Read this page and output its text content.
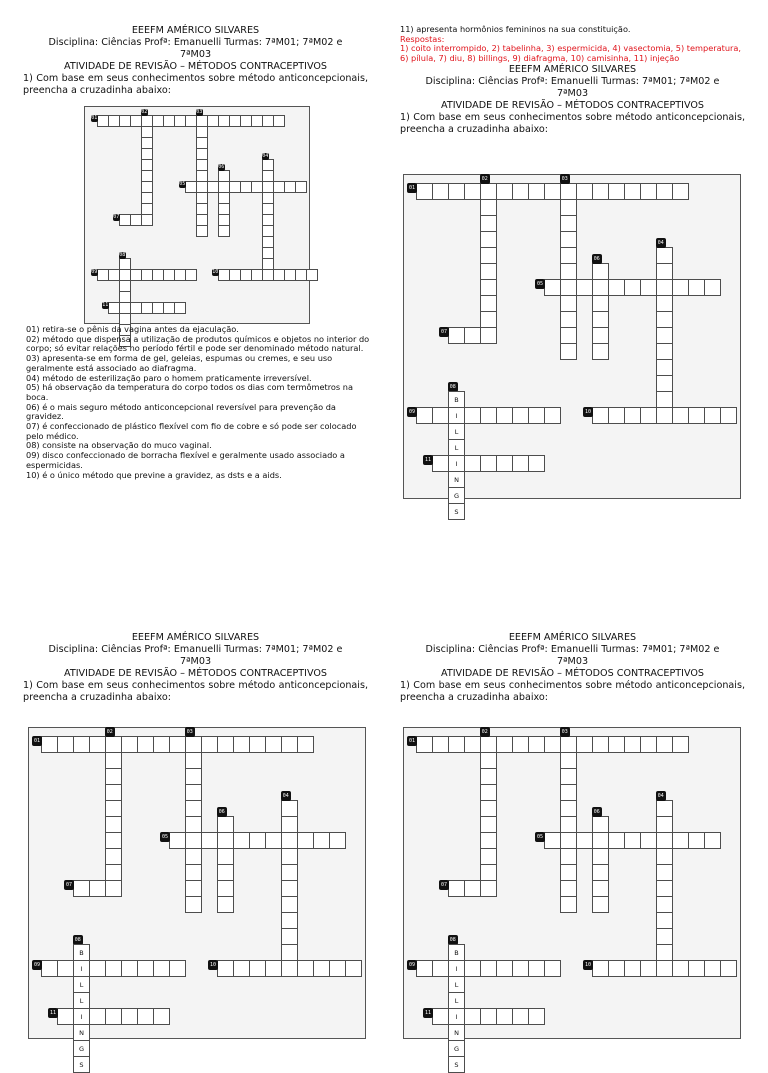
EEEFM AMÉRICO SILVARES
Disciplina: Ciências Profª: Emanuelli Turmas: 7ªM01; 7ªM02 e
7ªM03
ATIVIDADE DE REVISÃO – MÉTODOS CONTRACEPTIVOS
1) Com base em seus conhecimentos sobre método anticoncepcionais, preencha a cruzadinha abaixo:
01
02	03
04
05
06
07
08
09	10
11
01) retira-se o pênis da vagina antes da ejaculação.
02) método que dispensa a utilização de produtos químicos e objetos no interior do corpo; só evitar relações no período fértil e pode ser denominado método natural.
03) apresenta-se em forma de gel, geleias, espumas ou cremes, e seu uso geralmente está associado ao diafragma.
04) método de esterilização paro o homem praticamente irreversível.
05) há observação da temperatura do corpo todos os dias com termômetros na boca.
06) é o mais seguro método anticoncepcional reversível para prevenção da gravidez.
07) é confeccionado de plástico flexível com fio de cobre e só pode ser colocado pelo médico.
08) consiste na observação do muco vaginal.
09) disco confeccionado de borracha flexível e geralmente usado associado a espermicidas.
10) é o único método que previne a gravidez, as dsts e a aids.
11) apresenta hormônios femininos na sua constituição.
Respostas:
1) coito interrompido, 2) tabelinha, 3) espermicida, 4) vasectomia, 5) temperatura, 6) pílula, 7) diu, 8) billings, 9) diafragma, 10) camisinha, 11) injeção
EEEFM AMÉRICO SILVARES
Disciplina: Ciências Profª: Emanuelli Turmas: 7ªM01; 7ªM02 e
7ªM03
ATIVIDADE DE REVISÃO – MÉTODOS CONTRACEPTIVOS
1) Com base em seus conhecimentos sobre método anticoncepcionais, preencha a cruzadinha abaixo:
01
02	03
04
05
06
07
08
09	10
11
B
I
L
L
I
N
G
S
EEEFM AMÉRICO SILVARES
Disciplina: Ciências Profª: Emanuelli Turmas: 7ªM01; 7ªM02 e
7ªM03
ATIVIDADE DE REVISÃO – MÉTODOS CONTRACEPTIVOS
1) Com base em seus conhecimentos sobre método anticoncepcionais, preencha a cruzadinha abaixo:
01
02	03
04
05
06
07
08
09	10
11
B
I
L
L
I
N
G
S
EEEFM AMÉRICO SILVARES
Disciplina: Ciências Profª: Emanuelli Turmas: 7ªM01; 7ªM02 e
7ªM03
ATIVIDADE DE REVISÃO – MÉTODOS CONTRACEPTIVOS
1) Com base em seus conhecimentos sobre método anticoncepcionais, preencha a cruzadinha abaixo:
01
02	03
04
05
06
07
08
09	10
11
B
I
L
L
I
N
G
S
